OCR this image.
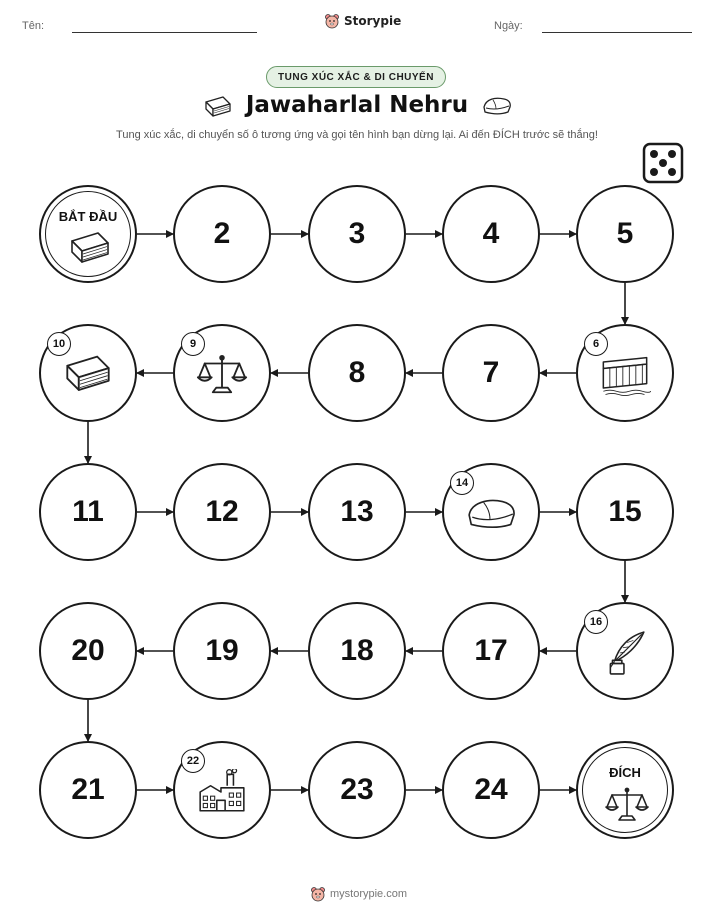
Tên:	Ngày:
Storypie
TUNG XÚC XẮC & DI CHUYỂN
Jawaharlal Nehru
Tung xúc xắc, di chuyển số ô tương ứng và gọi tên hình bạn dừng lại. Ai đến ĐÍCH trước sẽ thắng!
BẮT ĐẦU
2	3	4	5
6
7
8
9
10
11	12	13
14
15
16
17
18
19
20
21
22
23	24
ĐÍCH
mystorypie.com
